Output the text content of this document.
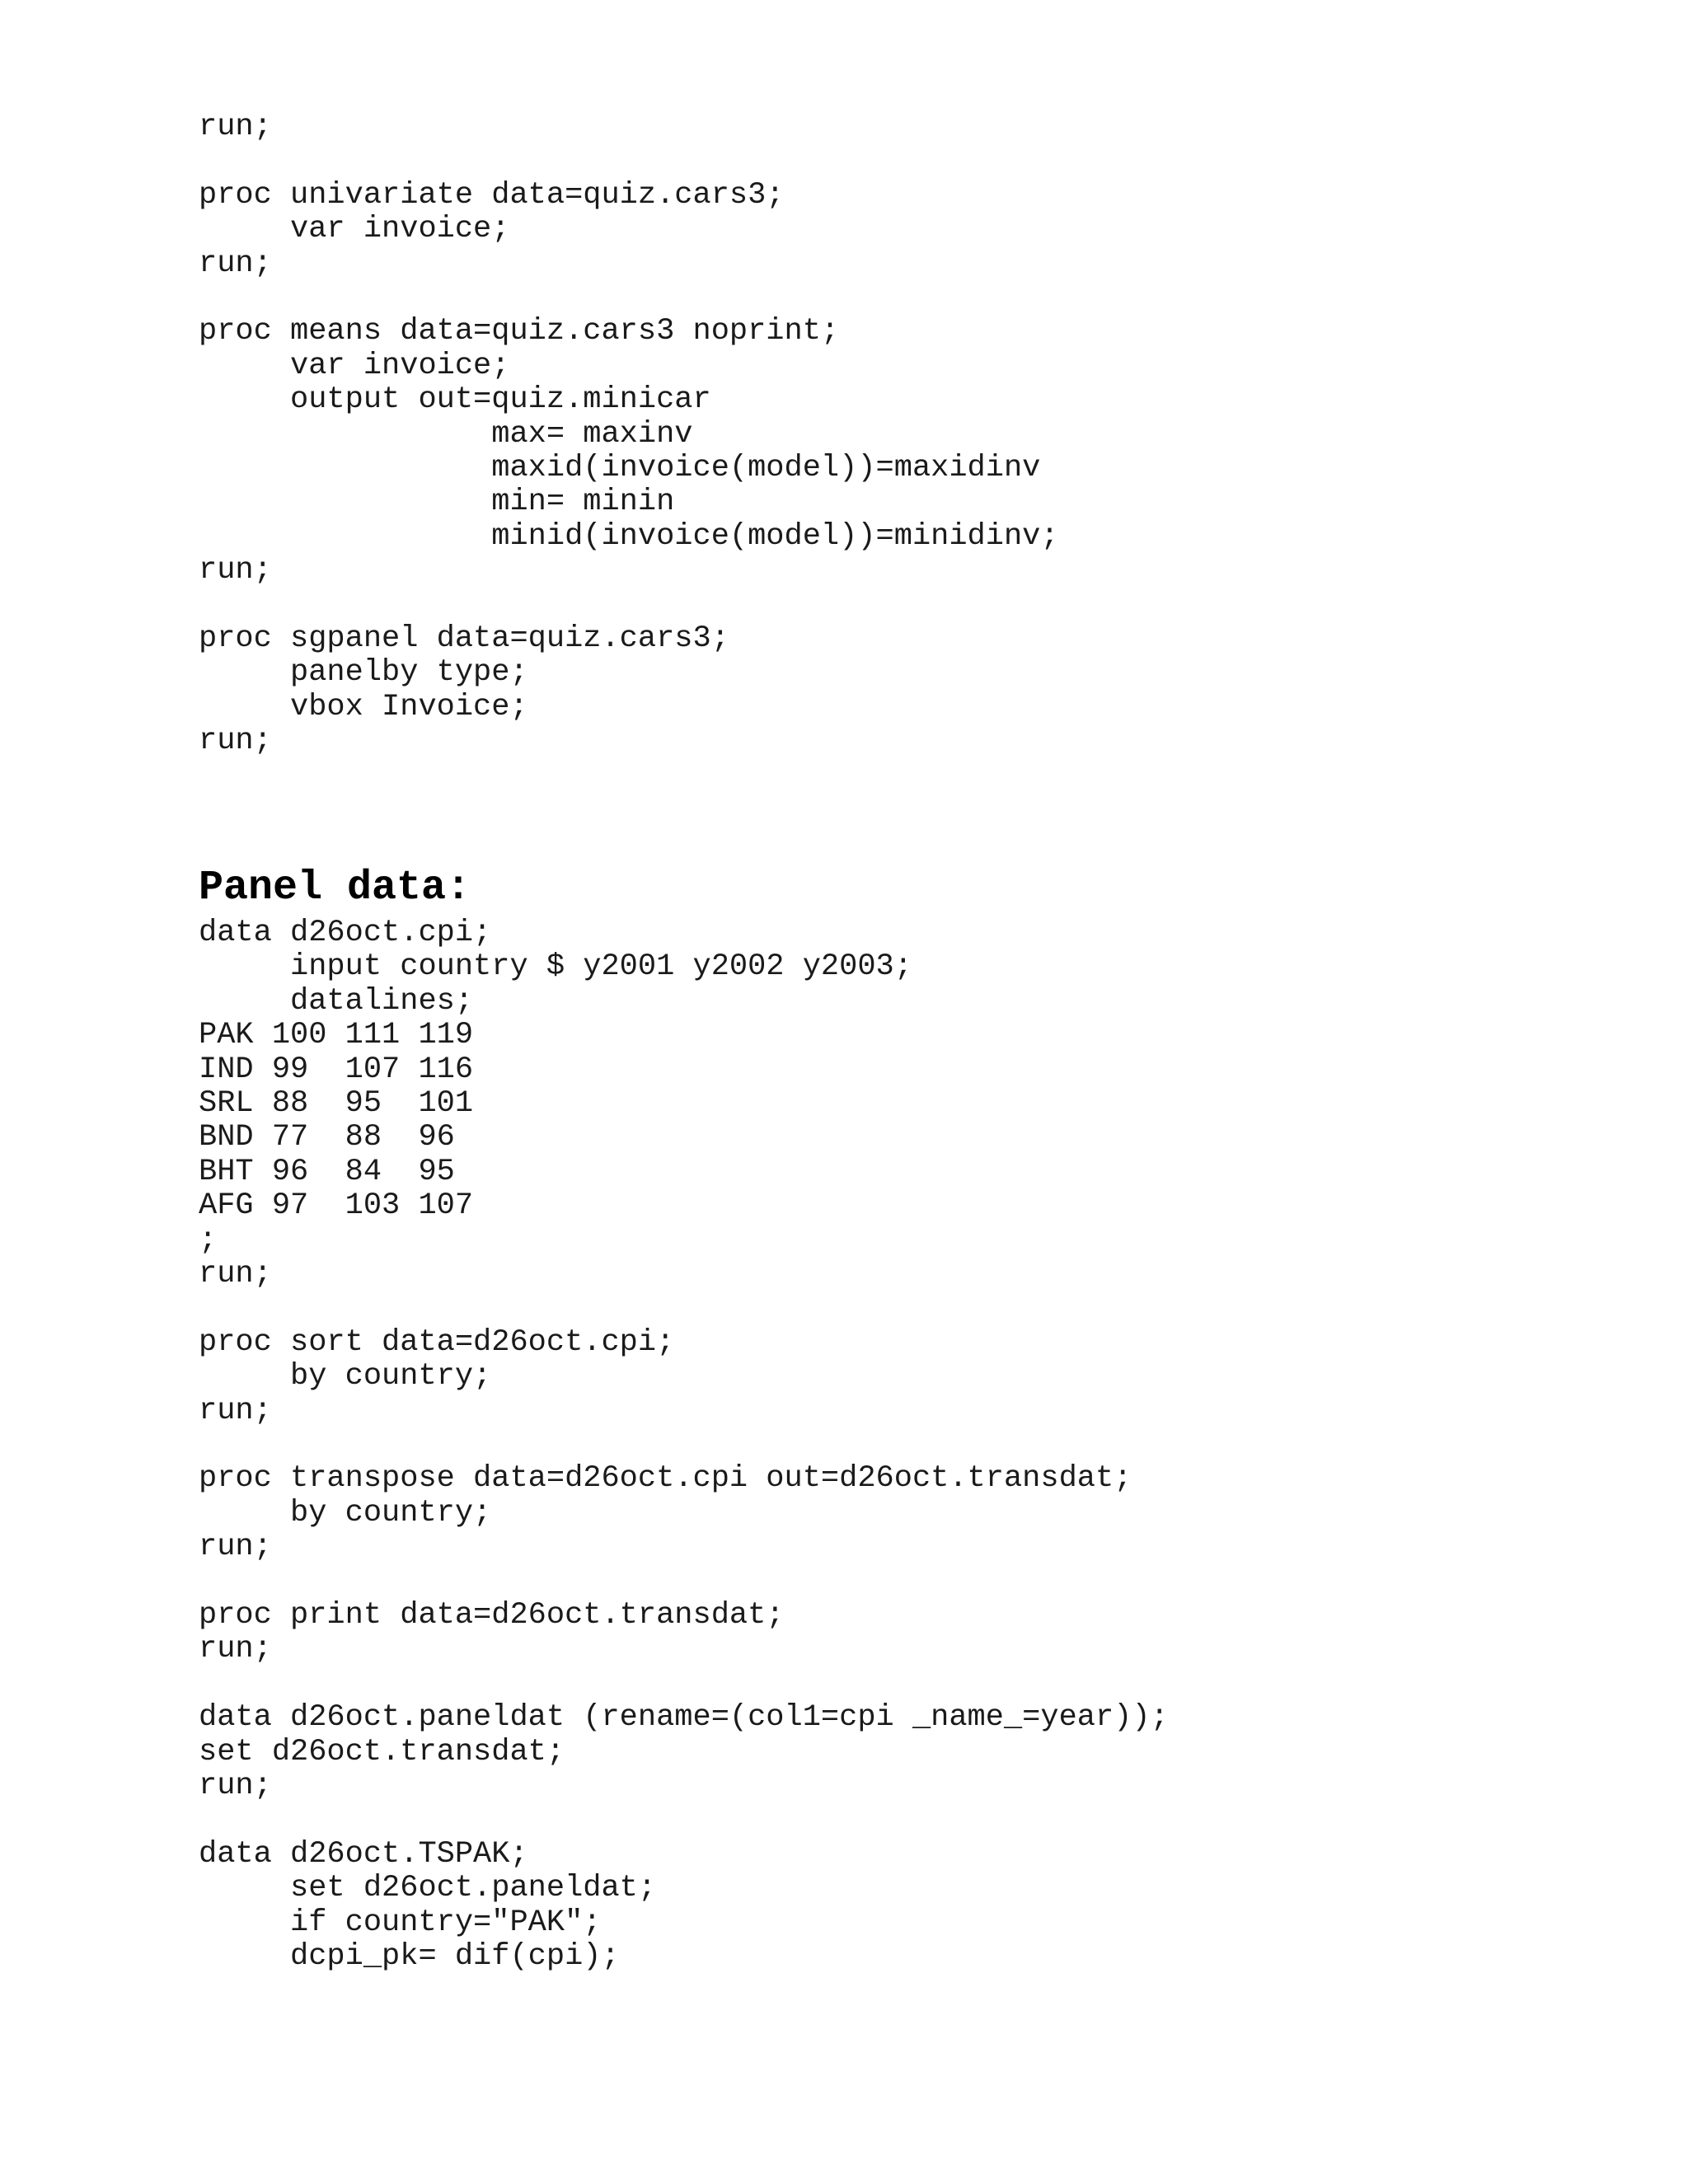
run;
proc univariate data=quiz.cars3;
var invoice;
run;
proc means data=quiz.cars3 noprint;
var invoice;
output out=quiz.minicar
max= maxinv
maxid(invoice(model))=maxidinv
min= minin
minid(invoice(model))=minidinv;
run;
proc sgpanel data=quiz.cars3;
panelby type;
vbox Invoice;
run;
Panel data:
data d26oct.cpi;
input country $ y2001 y2002 y2003;
datalines;
PAK 100 111 119
IND 99  107 116
SRL 88  95  101
BND 77  88  96
BHT 96  84  95
AFG 97  103 107
;
run;
proc sort data=d26oct.cpi;
by country;
run;
proc transpose data=d26oct.cpi out=d26oct.transdat;
by country;
run;
proc print data=d26oct.transdat;
run;
data d26oct.paneldat (rename=(col1=cpi _name_=year));
set d26oct.transdat;
run;
data d26oct.TSPAK;
set d26oct.paneldat;
if country="PAK";
dcpi_pk= dif(cpi);
